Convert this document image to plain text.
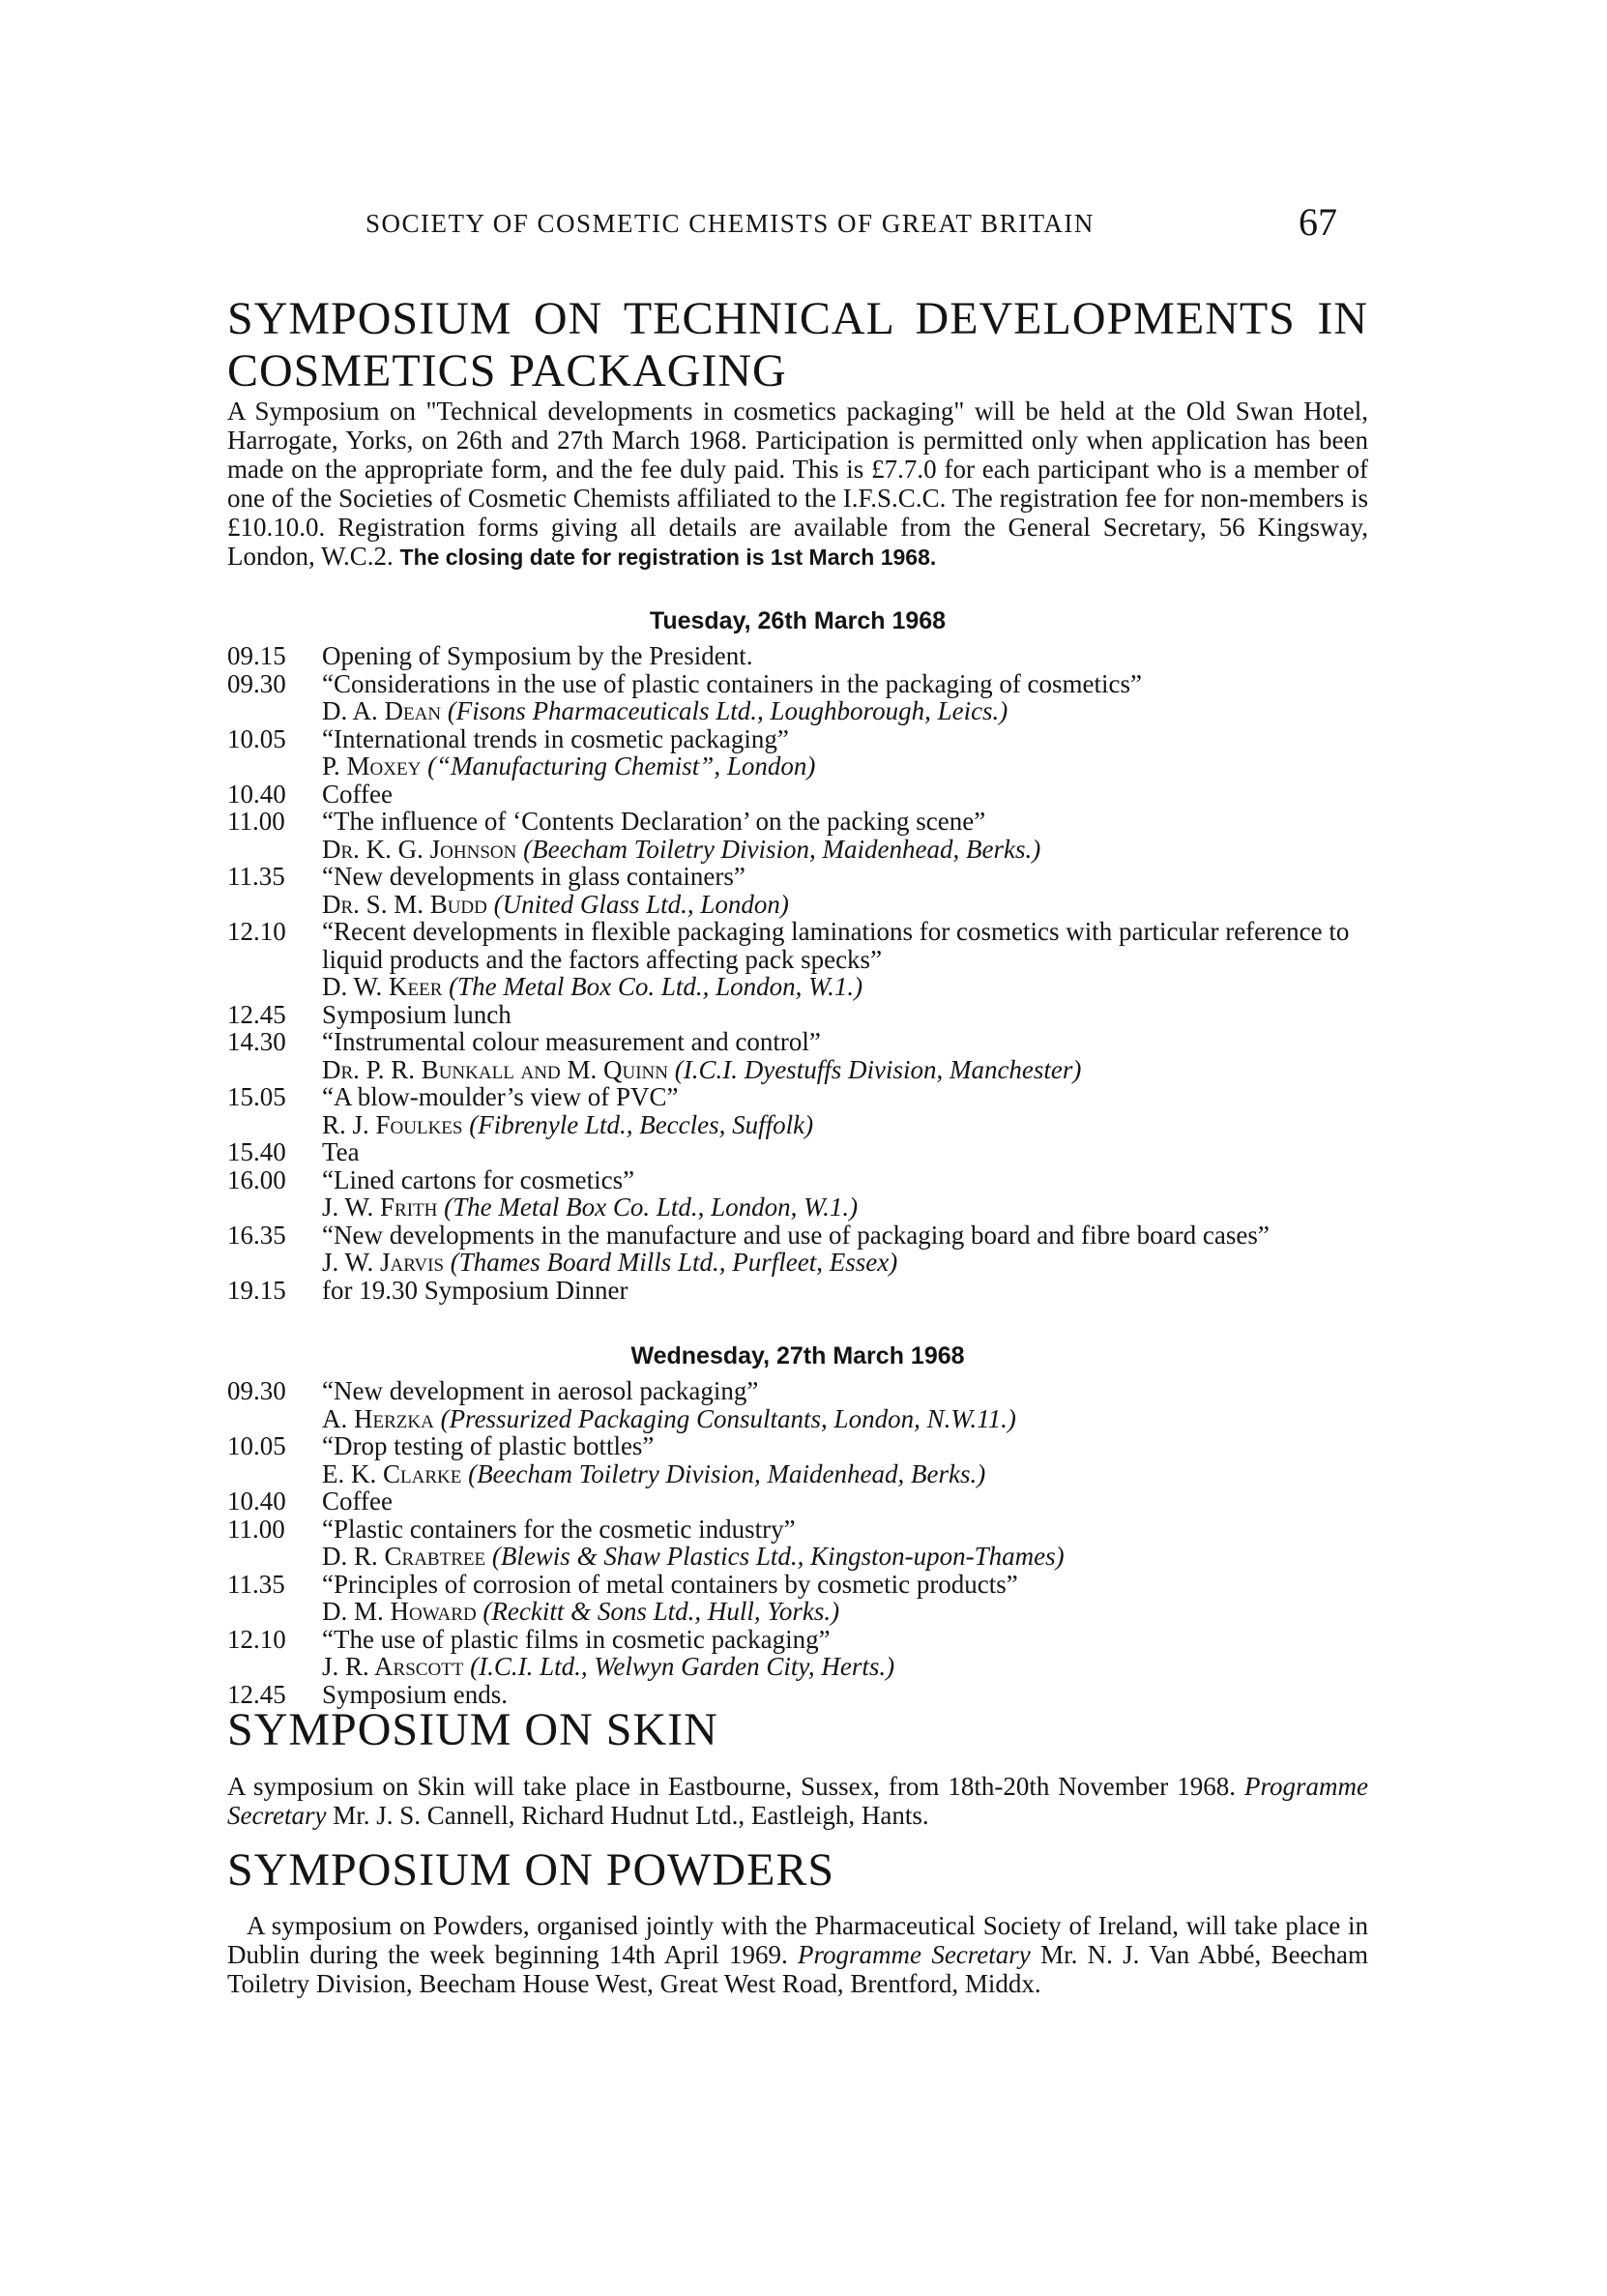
SOCIETY OF COSMETIC CHEMISTS OF GREAT BRITAIN	67
SYMPOSIUM ON TECHNICAL DEVELOPMENTS IN
COSMETICS PACKAGING

A Symposium on "Technical developments in cosmetics packaging" will be held at the Old Swan Hotel, Harrogate, Yorks, on 26th and 27th March 1968. Participation is permitted only when application has been made on the appropriate form, and the fee duly paid. This is £7.7.0 for each participant who is a member of one of the Societies of Cosmetic Chemists affiliated to the I.F.S.C.C. The registration fee for non-members is £10.10.0. Registration forms giving all details are available from the General Secretary, 56 Kingsway, London, W.C.2. The closing date for registration is 1st March 1968.

Tuesday, 26th March 1968
09.15	Opening of Symposium by the President.
09.30	“Considerations in the use of plastic containers in the packaging of cosmetics”
D. A. Dean (Fisons Pharmaceuticals Ltd., Loughborough, Leics.)
10.05	“International trends in cosmetic packaging”
P. Moxey (“Manufacturing Chemist”, London)
10.40	Coffee
11.00	“The influence of ‘Contents Declaration’ on the packing scene”
Dr. K. G. Johnson (Beecham Toiletry Division, Maidenhead, Berks.)
11.35	“New developments in glass containers”
Dr. S. M. Budd (United Glass Ltd., London)
12.10	“Recent developments in flexible packaging laminations for cosmetics with particular reference to liquid products and the factors affecting pack specks”
D. W. Keer (The Metal Box Co. Ltd., London, W.1.)
12.45	Symposium lunch
14.30	“Instrumental colour measurement and control”
Dr. P. R. Bunkall and M. Quinn (I.C.I. Dyestuffs Division, Manchester)
15.05	“A blow-moulder’s view of PVC”
R. J. Foulkes (Fibrenyle Ltd., Beccles, Suffolk)
15.40	Tea
16.00	“Lined cartons for cosmetics”
J. W. Frith (The Metal Box Co. Ltd., London, W.1.)
16.35	“New developments in the manufacture and use of packaging board and fibre board cases”
J. W. Jarvis (Thames Board Mills Ltd., Purfleet, Essex)
19.15	for 19.30 Symposium Dinner
Wednesday, 27th March 1968
09.30	“New development in aerosol packaging”
A. Herzka (Pressurized Packaging Consultants, London, N.W.11.)
10.05	“Drop testing of plastic bottles”
E. K. Clarke (Beecham Toiletry Division, Maidenhead, Berks.)
10.40	Coffee
11.00	“Plastic containers for the cosmetic industry”
D. R. Crabtree (Blewis & Shaw Plastics Ltd., Kingston-upon-Thames)
11.35	“Principles of corrosion of metal containers by cosmetic products”
D. M. Howard (Reckitt & Sons Ltd., Hull, Yorks.)
12.10	“The use of plastic films in cosmetic packaging”
J. R. Arscott (I.C.I. Ltd., Welwyn Garden City, Herts.)
12.45	Symposium ends.
SYMPOSIUM ON SKIN

A symposium on Skin will take place in Eastbourne, Sussex, from 18th-20th November 1968. Programme Secretary Mr. J. S. Cannell, Richard Hudnut Ltd., Eastleigh, Hants.

SYMPOSIUM ON POWDERS

A symposium on Powders, organised jointly with the Pharmaceutical Society of Ireland, will take place in Dublin during the week beginning 14th April 1969. Programme Secretary Mr. N. J. Van Abbé, Beecham Toiletry Division, Beecham House West, Great West Road, Brentford, Middx.
